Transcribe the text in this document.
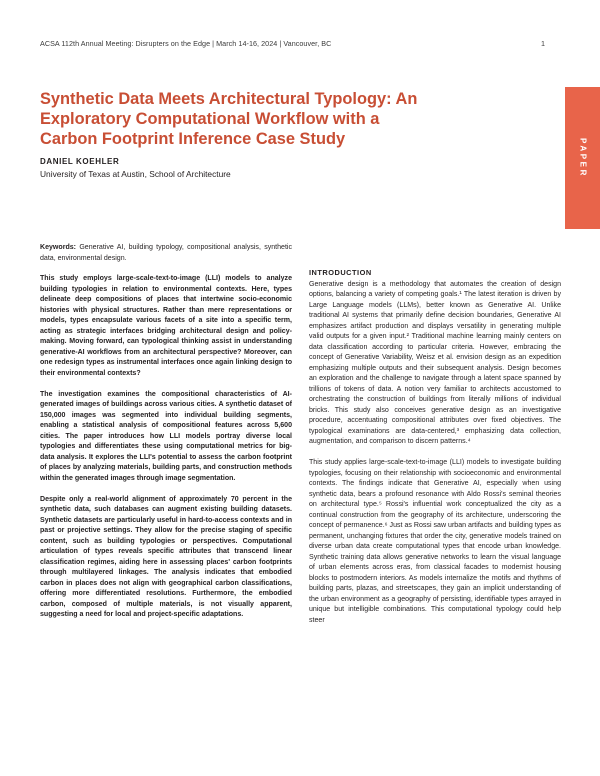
ACSA 112th Annual Meeting: Disrupters on the Edge | March 14-16, 2024 | Vancouver, BC	1
PAPER
Synthetic Data Meets Architectural Typology: An Exploratory Computational Workflow with a Carbon Footprint Inference Case Study
DANIEL KOEHLER
University of Texas at Austin, School of Architecture

Keywords: Generative AI, building typology, compositional analysis, synthetic data, environmental design.

This study employs large-scale-text-to-image (LLI) models to analyze building typologies in relation to environmental contexts. Here, types delineate deep compositions of places that intertwine socio-economic histories with physical structures. Rather than mere representations or models, types encapsulate various facets of a site into a specific term, acting as strategic interfaces bridging architectural design and policy-making. Moving forward, can typological thinking assist in understanding generative-AI workflows from an architectural perspective? Moreover, can one redesign types as instrumental interfaces once again linking design to their environmental contexts?

The investigation examines the compositional characteristics of AI-generated images of buildings across various cities. A synthetic dataset of 150,000 images was segmented into individual building segments, enabling a statistical analysis of compositional features across 5,600 cities. The paper introduces how LLI models portray diverse local typologies and differentiates these using computational metrics for big-data analysis. It explores the LLI's potential to assess the carbon footprint of places by analyzing materials, building parts, and construction methods within the generated images through image segmentation.

Despite only a real-world alignment of approximately 70 percent in the synthetic data, such databases can augment existing building datasets. Synthetic datasets are particularly useful in hard-to-access contexts and in past or projective settings. They allow for the precise staging of specific content, such as building typologies or perspectives. Computational articulation of types reveals specific attributes that transcend linear classification regimes, aiding here in assessing places' carbon footprints through multilayered linkages. The analysis indicates that embodied carbon in places does not align with geographical carbon classifications, offering more differentiated resolutions. Furthermore, the embodied carbon, composed of multiple materials, is not visually apparent, suggesting a need for local and project-specific adaptations.

INTRODUCTION

Generative design is a methodology that automates the creation of design options, balancing a variety of competing goals.¹ The latest iteration is driven by Large Language models (LLMs), better known as Generative AI. Unlike traditional AI systems that primarily define decision boundaries, Generative AI emphasizes artifact production and displays versatility in generating multiple valid outputs for a given input.² Traditional machine learning mainly centers on data classification according to particular criteria. However, embracing the concept of Generative Variability, Weisz et al. envision design as an expedition emphasizing multiple outputs and their subsequent analysis. Design becomes an exploration and the challenge to navigate through a latent space spanned by trillions of tokens of data. A notion very familiar to architects accustomed to orchestrating the construction of buildings from literally millions of individual bricks. This study also conceives generative design as an investigative procedure, accentuating compositional attributes over fixed objectives. The typological examinations are data-centered,³ emphasizing data collection, augmentation, and comparison to discern patterns.⁴

This study applies large-scale-text-to-image (LLI) models to investigate building typologies, focusing on their relationship with socioeconomic and environmental contexts. The findings indicate that Generative AI, especially when using synthetic data, bears a profound resonance with Aldo Rossi's seminal theories on architectural type.⁵ Rossi's influential work conceptualized the city as a continual construction from the geography of its architecture, underscoring the concept of permanence.⁶ Just as Rossi saw urban artifacts and building types as permanent, unchanging fixtures that order the city, generative models trained on diverse urban data create computational types that encode urban knowledge. Synthetic training data allows generative networks to learn the visual language of urban elements across eras, from classical facades to modernist housing blocks to postmodern interiors. As models internalize the motifs and rhythms of building parts, plazas, and streetscapes, they gain an implicit understanding of the urban environment as a geography of persisting, identifiable types arrayed in unique but intelligible combinations. This computational typology could help steer
